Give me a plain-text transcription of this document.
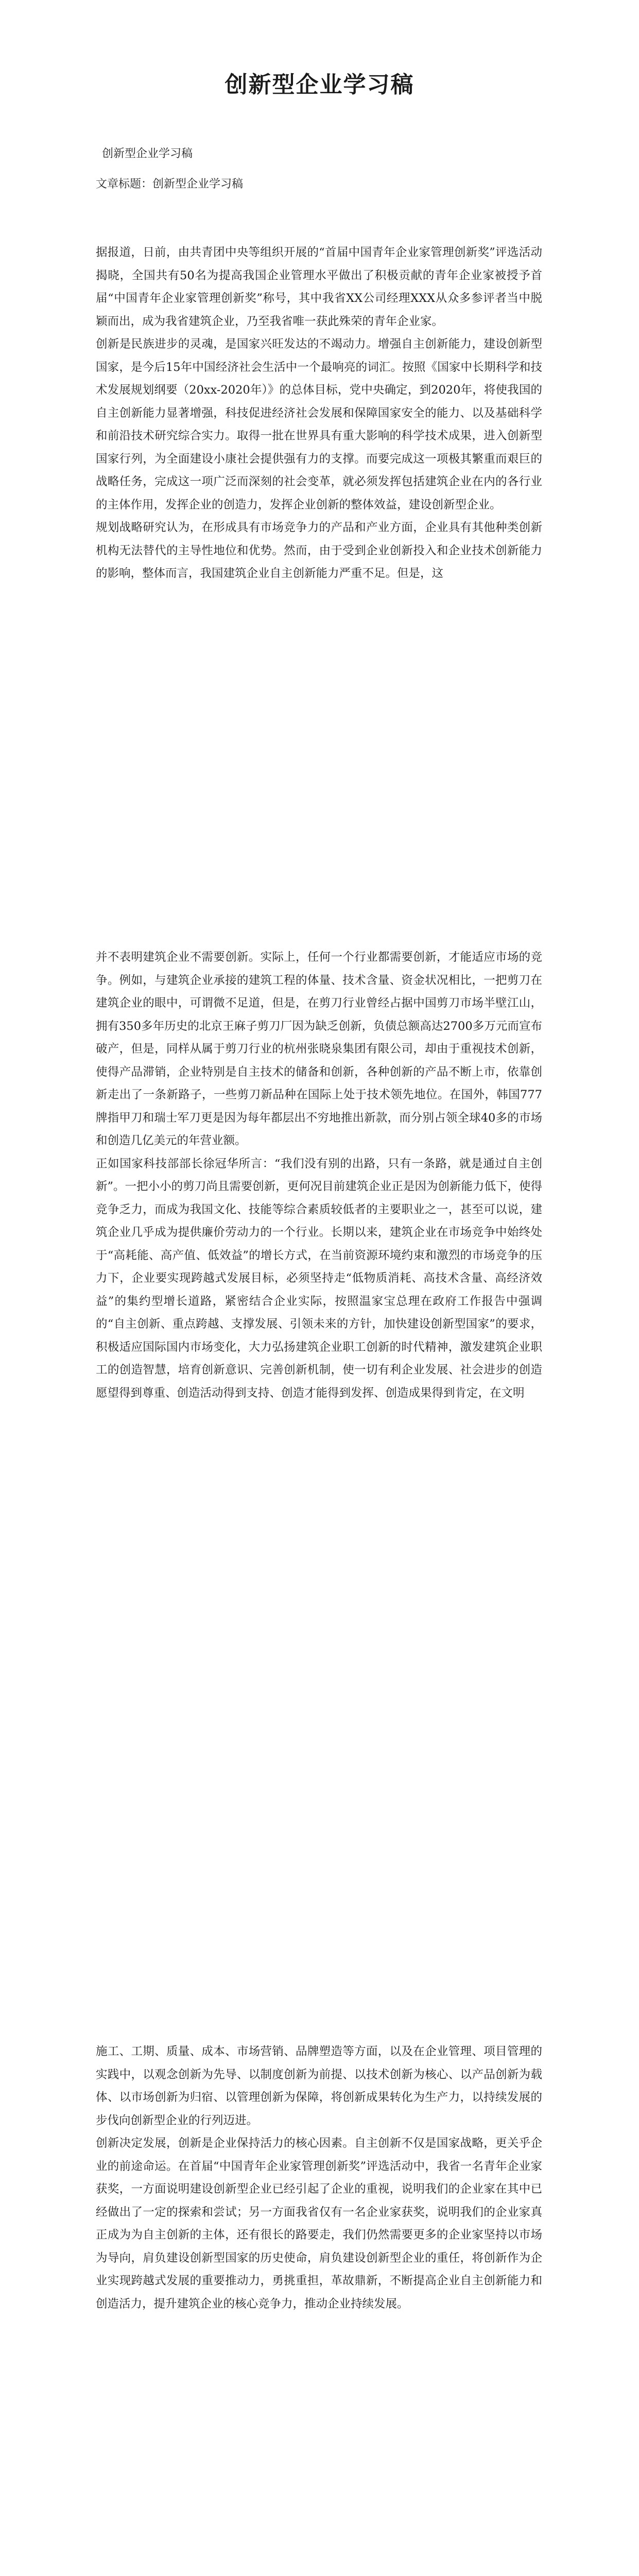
创新型企业学习稿
创新型企业学习稿
文章标题：创新型企业学习稿

据报道，日前，由共青团中央等组织开展的“首届中国青年企业家管理创新奖”评选活动揭晓，全国共有50名为提高我国企业管理水平做出了积极贡献的青年企业家被授予首届“中国青年企业家管理创新奖”称号，其中我省XX公司经理XXX从众多参评者当中脱颖而出，成为我省建筑企业，乃至我省唯一获此殊荣的青年企业家。

创新是民族进步的灵魂，是国家兴旺发达的不竭动力。增强自主创新能力，建设创新型国家，是今后15年中国经济社会生活中一个最响亮的词汇。按照《国家中长期科学和技术发展规划纲要（20xx-2020年）》的总体目标，党中央确定，到2020年，将使我国的自主创新能力显著增强，科技促进经济社会发展和保障国家安全的能力、以及基础科学和前沿技术研究综合实力。取得一批在世界具有重大影响的科学技术成果，进入创新型国家行列，为全面建设小康社会提供强有力的支撑。而要完成这一项极其繁重而艰巨的战略任务，完成这一项广泛而深刻的社会变革，就必须发挥包括建筑企业在内的各行业的主体作用，发挥企业的创造力，发挥企业创新的整体效益，建设创新型企业。

规划战略研究认为，在形成具有市场竞争力的产品和产业方面，企业具有其他种类创新机构无法替代的主导性地位和优势。然而，由于受到企业创新投入和企业技术创新能力的影响，整体而言，我国建筑企业自主创新能力严重不足。但是，这

并不表明建筑企业不需要创新。实际上，任何一个行业都需要创新，才能适应市场的竞争。例如，与建筑企业承接的建筑工程的体量、技术含量、资金状况相比，一把剪刀在建筑企业的眼中，可谓微不足道，但是，在剪刀行业曾经占据中国剪刀市场半壁江山，拥有350多年历史的北京王麻子剪刀厂因为缺乏创新，负债总额高达2700多万元而宣布破产，但是，同样从属于剪刀行业的杭州张晓泉集团有限公司，却由于重视技术创新，使得产品滞销，企业特别是自主技术的储备和创新，各种创新的产品不断上市，依靠创新走出了一条新路子，一些剪刀新品种在国际上处于技术领先地位。在国外，韩国777牌指甲刀和瑞士军刀更是因为每年都层出不穷地推出新款，而分别占领全球40多的市场和创造几亿美元的年营业额。

正如国家科技部部长徐冠华所言：“我们没有别的出路，只有一条路，就是通过自主创新”。一把小小的剪刀尚且需要创新，更何况目前建筑企业正是因为创新能力低下，使得竞争乏力，而成为我国文化、技能等综合素质较低者的主要职业之一，甚至可以说，建筑企业几乎成为提供廉价劳动力的一个行业。长期以来，建筑企业在市场竞争中始终处于“高耗能、高产值、低效益”的增长方式，在当前资源环境约束和激烈的市场竞争的压力下，企业要实现跨越式发展目标，必须坚持走“低物质消耗、高技术含量、高经济效益”的集约型增长道路，紧密结合企业实际，按照温家宝总理在政府工作报告中强调的“自主创新、重点跨越、支撑发展、引领未来的方针，加快建设创新型国家”的要求，积极适应国际国内市场变化，大力弘扬建筑企业职工创新的时代精神，激发建筑企业职工的创造智慧，培育创新意识、完善创新机制，使一切有利企业发展、社会进步的创造愿望得到尊重、创造活动得到支持、创造才能得到发挥、创造成果得到肯定，在文明

施工、工期、质量、成本、市场营销、品牌塑造等方面，以及在企业管理、项目管理的实践中，以观念创新为先导、以制度创新为前提、以技术创新为核心、以产品创新为载体、以市场创新为归宿、以管理创新为保障，将创新成果转化为生产力，以持续发展的步伐向创新型企业的行列迈进。

创新决定发展，创新是企业保持活力的核心因素。自主创新不仅是国家战略，更关乎企业的前途命运。在首届“中国青年企业家管理创新奖”评选活动中，我省一名青年企业家获奖，一方面说明建设创新型企业已经引起了企业的重视，说明我们的企业家在其中已经做出了一定的探索和尝试；另一方面我省仅有一名企业家获奖，说明我们的企业家真正成为为自主创新的主体，还有很长的路要走，我们仍然需要更多的企业家坚持以市场为导向，肩负建设创新型国家的历史使命，肩负建设创新型企业的重任，将创新作为企业实现跨越式发展的重要推动力，勇挑重担，革故鼎新，不断提高企业自主创新能力和创造活力，提升建筑企业的核心竞争力，推动企业持续发展。
